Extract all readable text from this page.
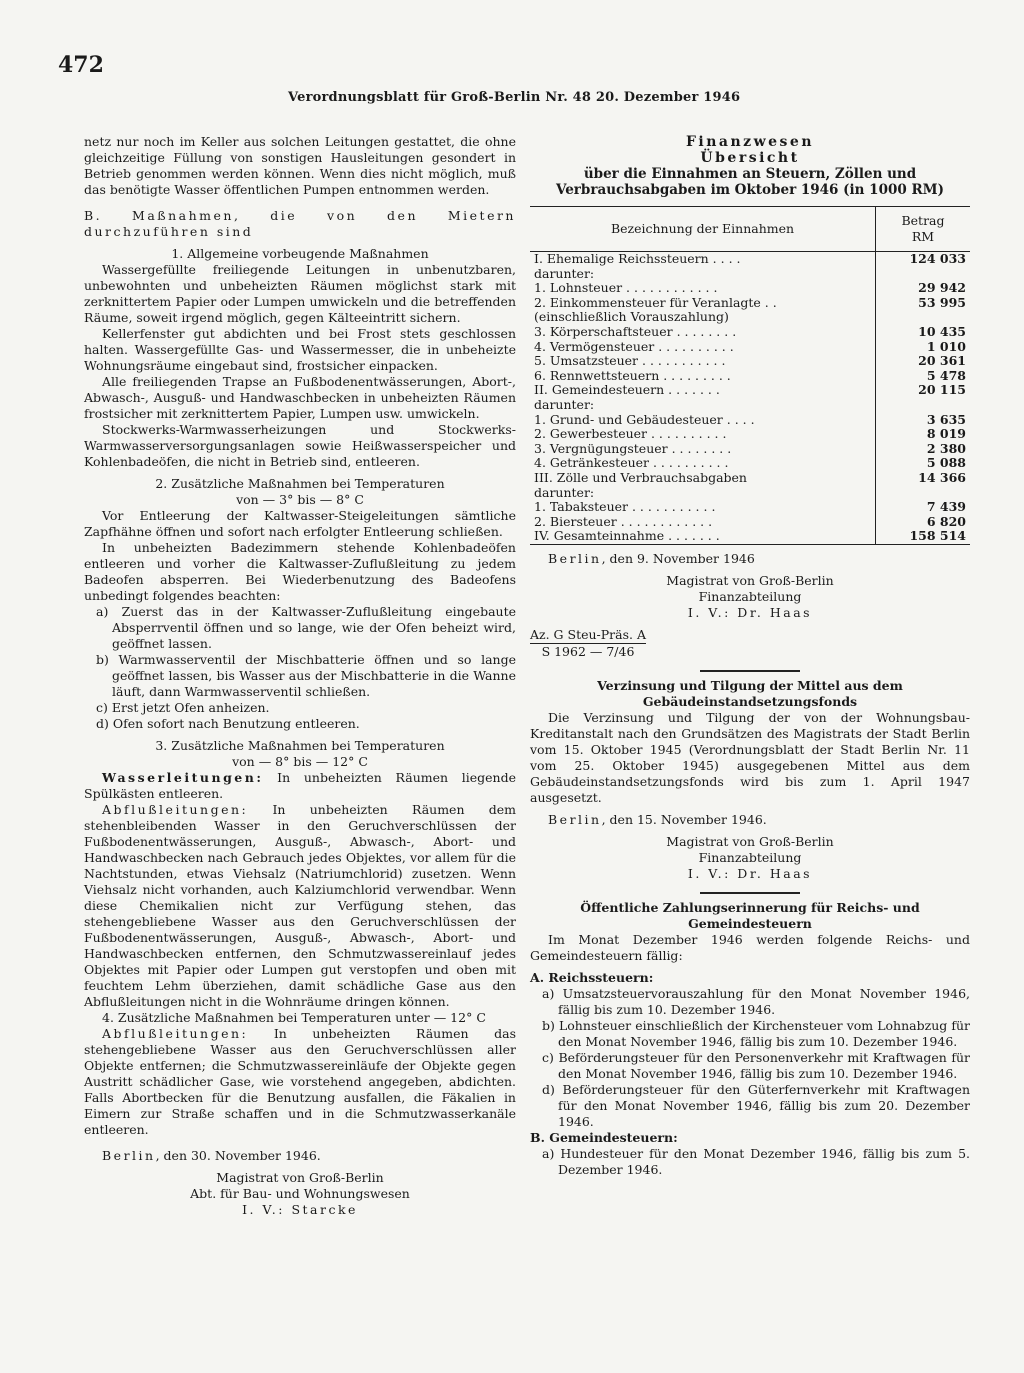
472
Verordnungsblatt für Groß-Berlin Nr. 48 20. Dezember 1946

netz nur noch im Keller aus solchen Leitungen gestattet, die ohne gleichzeitige Füllung von sonstigen Hausleitungen gesondert in Betrieb genommen werden können. Wenn dies nicht möglich, muß das benötigte Wasser öffentlichen Pumpen entnommen werden.

B. Maßnahmen, die von den Mietern durchzuführen sind

1. Allgemeine vorbeugende Maßnahmen

Wassergefüllte freiliegende Leitungen in unbenutzbaren, unbewohnten und unbeheizten Räumen möglichst stark mit zerknittertem Papier oder Lumpen umwickeln und die betreffenden Räume, soweit irgend möglich, gegen Kälteeintritt sichern.

Kellerfenster gut abdichten und bei Frost stets geschlossen halten. Wassergefüllte Gas- und Wassermesser, die in unbeheizte Wohnungsräume eingebaut sind, frostsicher einpacken.

Alle freiliegenden Trapse an Fußbodenentwässerungen, Abort-, Abwasch-, Ausguß- und Handwaschbecken in unbeheizten Räumen frostsicher mit zerknittertem Papier, Lumpen usw. umwickeln.

Stockwerks-Warmwasserheizungen und Stockwerks-Warmwasserversorgungsanlagen sowie Heißwasserspeicher und Kohlenbadeöfen, die nicht in Betrieb sind, entleeren.

2. Zusätzliche Maßnahmen bei Temperaturen

von — 3° bis — 8° C

Vor Entleerung der Kaltwasser-Steigeleitungen sämtliche Zapfhähne öffnen und sofort nach erfolgter Entleerung schließen.

In unbeheizten Badezimmern stehende Kohlenbadeöfen entleeren und vorher die Kaltwasser-Zuflußleitung zu jedem Badeofen absperren. Bei Wiederbenutzung des Badeofens unbedingt folgendes beachten:

a) Zuerst das in der Kaltwasser-Zuflußleitung eingebaute Absperrventil öffnen und so lange, wie der Ofen beheizt wird, geöffnet lassen.
b) Warmwasserventil der Mischbatterie öffnen und so lange geöffnet lassen, bis Wasser aus der Mischbatterie in die Wanne läuft, dann Warmwasserventil schließen.
c) Erst jetzt Ofen anheizen.
d) Ofen sofort nach Benutzung entleeren.

3. Zusätzliche Maßnahmen bei Temperaturen

von — 8° bis — 12° C

Wasserleitungen: In unbeheizten Räumen liegende Spülkästen entleeren.

Abflußleitungen: In unbeheizten Räumen dem stehenbleibenden Wasser in den Geruchverschlüssen der Fußbodenentwässerungen, Ausguß-, Abwasch-, Abort- und Handwaschbecken nach Gebrauch jedes Objektes, vor allem für die Nachtstunden, etwas Viehsalz (Natriumchlorid) zusetzen. Wenn Viehsalz nicht vorhanden, auch Kalziumchlorid verwendbar. Wenn diese Chemikalien nicht zur Verfügung stehen, das stehengebliebene Wasser aus den Geruchverschlüssen der Fußbodenentwässerungen, Ausguß-, Abwasch-, Abort- und Handwaschbecken entfernen, den Schmutzwassereinlauf jedes Objektes mit Papier oder Lumpen gut verstopfen und oben mit feuchtem Lehm überziehen, damit schädliche Gase aus den Abflußleitungen nicht in die Wohnräume dringen können.

4. Zusätzliche Maßnahmen bei Temperaturen unter — 12° C

Abflußleitungen: In unbeheizten Räumen das stehengebliebene Wasser aus den Geruchverschlüssen aller Objekte entfernen; die Schmutzwassereinläufe der Objekte gegen Austritt schädlicher Gase, wie vorstehend angegeben, abdichten. Falls Abortbecken für die Benutzung ausfallen, die Fäkalien in Eimern zur Straße schaffen und in die Schmutzwasserkanäle entleeren.

Berlin, den 30. November 1946.

Magistrat von Groß-Berlin

Abt. für Bau- und Wohnungswesen

I. V.: Starcke

Finanzwesen

Übersicht

über die Einnahmen an Steuern, Zöllen und Verbrauchsabgaben im Oktober 1946 (in 1000 RM)

Bezeichnung der Einnahmen	Betrag
RM

I. Ehemalige Reichssteuern . . . .	124 033
darunter:	
1. Lohnsteuer . . . . . . . . . . . .	29 942
2. Einkommensteuer für Veranlagte . .	53 995
(einschließlich Vorauszahlung)	
3. Körperschaftsteuer . . . . . . . .	10 435
4. Vermögensteuer . . . . . . . . . .	1 010
5. Umsatzsteuer . . . . . . . . . . .	20 361
6. Rennwettsteuern . . . . . . . . .	5 478
II. Gemeindesteuern . . . . . . .	20 115
darunter:	
1. Grund- und Gebäudesteuer . . . .	3 635
2. Gewerbesteuer . . . . . . . . . .	8 019
3. Vergnügungsteuer . . . . . . . .	2 380
4. Getränkesteuer . . . . . . . . . .	5 088
III. Zölle und Verbrauchsabgaben	14 366
darunter:	
1. Tabaksteuer . . . . . . . . . . .	7 439
2. Biersteuer . . . . . . . . . . . .	6 820
IV. Gesamteinnahme . . . . . . .	158 514

Berlin, den 9. November 1946

Magistrat von Groß-Berlin

Finanzabteilung

I. V.: Dr. Haas

Az. G Steu-Präs. A
S 1962 — 7/46

Verzinsung und Tilgung der Mittel aus dem Gebäudeinstandsetzungsfonds

Die Verzinsung und Tilgung der von der Wohnungsbau-Kreditanstalt nach den Grundsätzen des Magistrats der Stadt Berlin vom 15. Oktober 1945 (Verordnungsblatt der Stadt Berlin Nr. 11 vom 25. Oktober 1945) ausgegebenen Mittel aus dem Gebäudeinstandsetzungsfonds wird bis zum 1. April 1947 ausgesetzt.

Berlin, den 15. November 1946.

Magistrat von Groß-Berlin

Finanzabteilung

I. V.: Dr. Haas

Öffentliche Zahlungserinnerung für Reichs- und Gemeindesteuern

Im Monat Dezember 1946 werden folgende Reichs- und Gemeindesteuern fällig:

A. Reichssteuern:

a) Umsatzsteuervorauszahlung für den Monat November 1946, fällig bis zum 10. Dezember 1946.
b) Lohnsteuer einschließlich der Kirchensteuer vom Lohnabzug für den Monat November 1946, fällig bis zum 10. Dezember 1946.
c) Beförderungsteuer für den Personenverkehr mit Kraftwagen für den Monat November 1946, fällig bis zum 10. Dezember 1946.
d) Beförderungsteuer für den Güterfernverkehr mit Kraftwagen für den Monat November 1946, fällig bis zum 20. Dezember 1946.

B. Gemeindesteuern:

a) Hundesteuer für den Monat Dezember 1946, fällig bis zum 5. Dezember 1946.
